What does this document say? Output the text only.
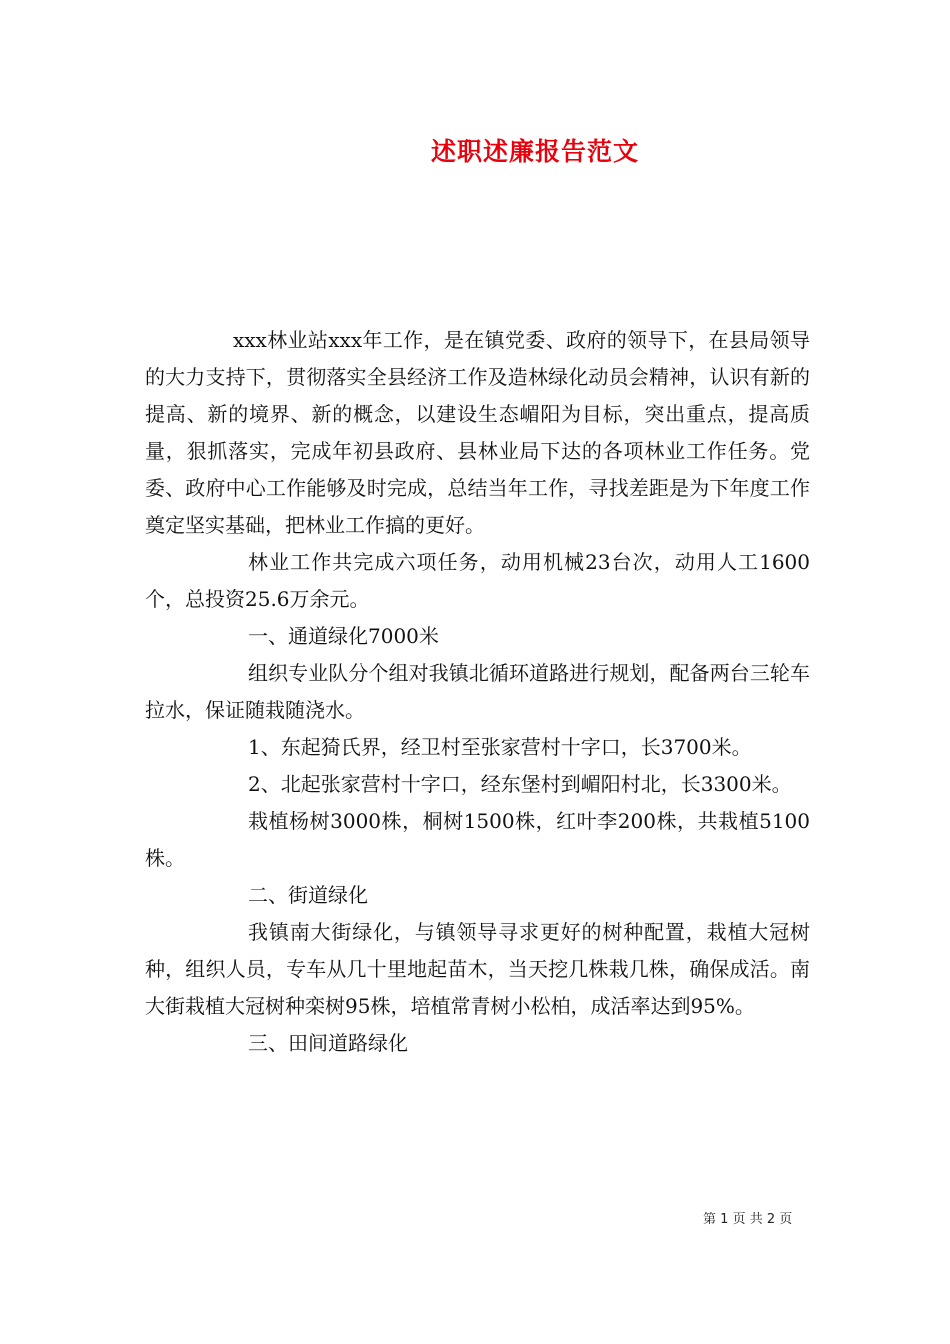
述职述廉报告范文

xxx林业站xxx年工作，是在镇党委、政府的领导下，在县局领导的大力支持下，贯彻落实全县经济工作及造林绿化动员会精神，认识有新的提高、新的境界、新的概念，以建设生态嵋阳为目标，突出重点，提高质量，狠抓落实，完成年初县政府、县林业局下达的各项林业工作任务。党委、政府中心工作能够及时完成，总结当年工作，寻找差距是为下年度工作奠定坚实基础，把林业工作搞的更好。

林业工作共完成六项任务，动用机械23台次，动用人工1600个，总投资25.6万余元。

一、通道绿化7000米

组织专业队分个组对我镇北循环道路进行规划，配备两台三轮车拉水，保证随栽随浇水。

1、东起猗氏界，经卫村至张家营村十字口，长3700米。

2、北起张家营村十字口，经东堡村到嵋阳村北，长3300米。

栽植杨树3000株，桐树1500株，红叶李200株，共栽植5100株。

二、街道绿化

我镇南大街绿化，与镇领导寻求更好的树种配置，栽植大冠树种，组织人员，专车从几十里地起苗木，当天挖几株栽几株，确保成活。南大街栽植大冠树种栾树95株，培植常青树小松柏，成活率达到95%。

三、田间道路绿化

第 1 页 共 2 页
